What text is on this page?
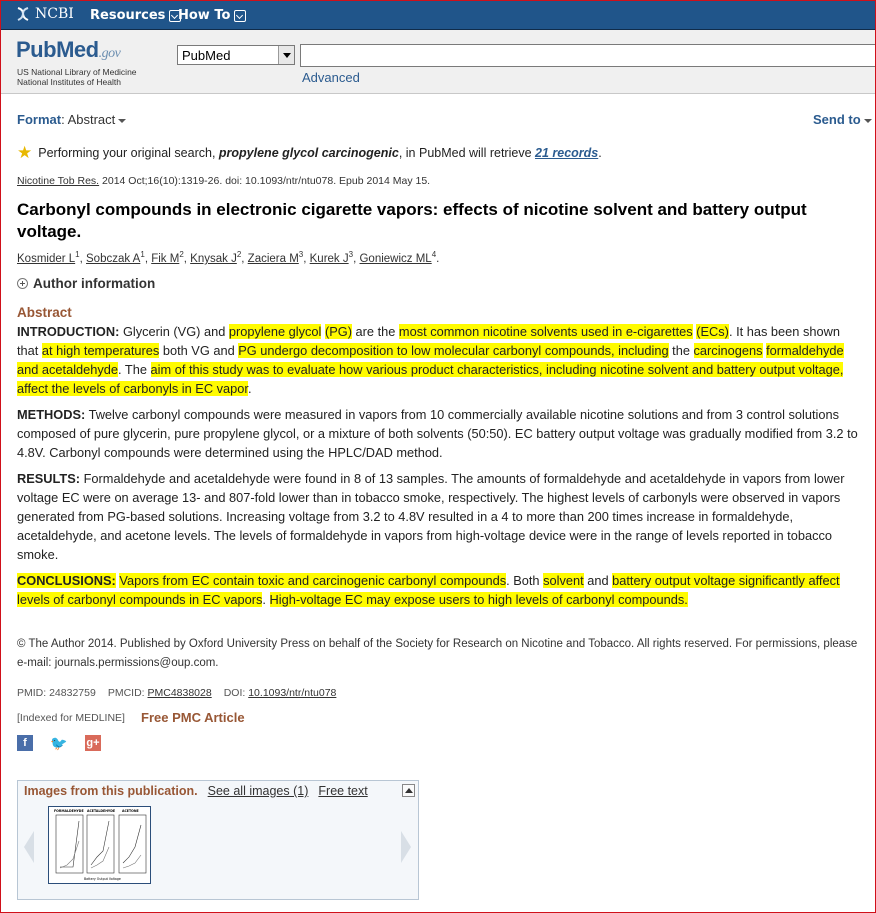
NCBI Resources How To
PubMed.gov
US National Library of Medicine
National Institutes of Health
PubMed
Advanced
Format: Abstract	Send to
★ Performing your original search, propylene glycol carcinogenic, in PubMed will retrieve 21 records.
Nicotine Tob Res. 2014 Oct;16(10):1319-26. doi: 10.1093/ntr/ntu078. Epub 2014 May 15.
Carbonyl compounds in electronic cigarette vapors: effects of nicotine solvent and battery output voltage.
Kosmider $L^1$, Sobczak $A^1$, Fik $M^2$, Knysak $J^2$, Zaciera $M^3$, Kurek $J^3$, Goniewicz $ML^4$.
Author information
Abstract
INTRODUCTION: Glycerin (VG) and propylene glycol (PG) are the most common nicotine solvents used in e-cigarettes (ECs). It has been shown that at high temperatures both VG and PG undergo decomposition to low molecular carbonyl compounds, including the carcinogens formaldehyde and acetaldehyde. The aim of this study was to evaluate how various product characteristics, including nicotine solvent and battery output voltage, affect the levels of carbonyls in EC vapor.
METHODS: Twelve carbonyl compounds were measured in vapors from 10 commercially available nicotine solutions and from 3 control solutions composed of pure glycerin, pure propylene glycol, or a mixture of both solvents (50:50). EC battery output voltage was gradually modified from 3.2 to 4.8V. Carbonyl compounds were determined using the HPLC/DAD method.
RESULTS: Formaldehyde and acetaldehyde were found in 8 of 13 samples. The amounts of formaldehyde and acetaldehyde in vapors from lower voltage EC were on average 13- and 807-fold lower than in tobacco smoke, respectively. The highest levels of carbonyls were observed in vapors generated from PG-based solutions. Increasing voltage from 3.2 to 4.8V resulted in a 4 to more than 200 times increase in formaldehyde, acetaldehyde, and acetone levels. The levels of formaldehyde in vapors from high-voltage device were in the range of levels reported in tobacco smoke.
CONCLUSIONS: Vapors from EC contain toxic and carcinogenic carbonyl compounds. Both solvent and battery output voltage significantly affect levels of carbonyl compounds in EC vapors. High-voltage EC may expose users to high levels of carbonyl compounds.
© The Author 2014. Published by Oxford University Press on behalf of the Society for Research on Nicotine and Tobacco. All rights reserved. For permissions, please e-mail: journals.permissions@oup.com.
PMID: 24832759 PMCID: PMC4838028 DOI: 10.1093/ntr/ntu078
[Indexed for MEDLINE] Free PMC Article
f	🐦 g+
Images from this publication. See all images (1) Free text
FORMALDEHYDE ACETALDEHYDE ACETONE
Battery Output Voltage
